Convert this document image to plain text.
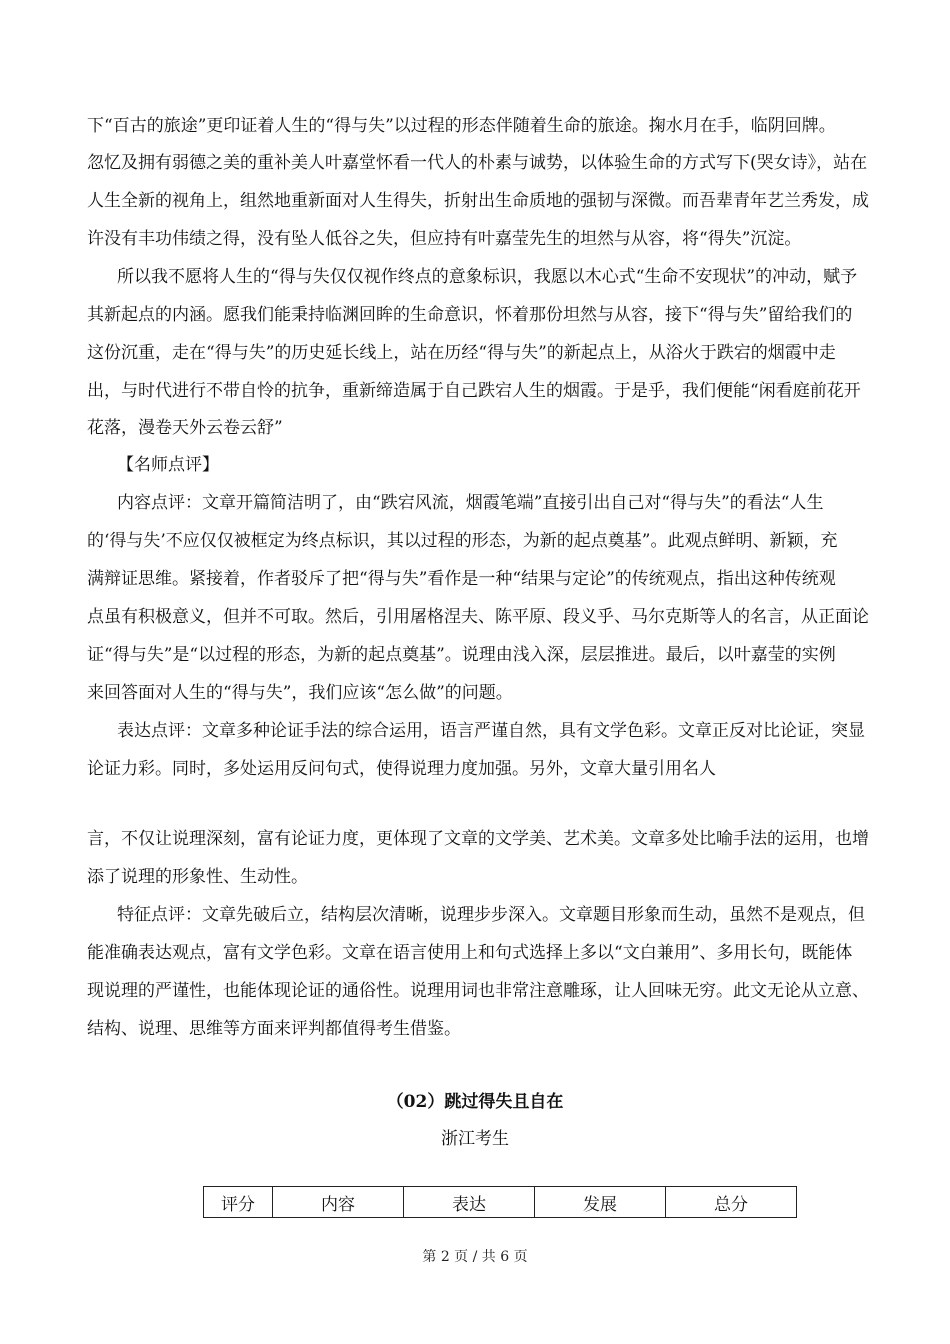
下“百古的旅途”更印证着人生的“得与失”以过程的形态伴随着生命的旅途。掬水月在手，临阴回牌。
忽忆及拥有弱德之美的重补美人叶嘉堂怀看一代人的朴素与诚势，以体验生命的方式写下(哭女诗》，站在
人生全新的视角上，组然地重新面对人生得失，折射出生命质地的强韧与深微。而吾辈青年艺兰秀发，成
许没有丰功伟绩之得，没有坠人低谷之失，但应持有叶嘉莹先生的坦然与从容，将“得失”沉淀。
所以我不愿将人生的“得与失仅仅视作终点的意象标识，我愿以木心式“生命不安现状”的冲动，赋予
其新起点的内涵。愿我们能秉持临渊回眸的生命意识，怀着那份坦然与从容，接下“得与失”留给我们的
这份沉重，走在“得与失”的历史延长线上，站在历经“得与失”的新起点上，从浴火于跌宕的烟霞中走
出，与时代进行不带自怜的抗争，重新缔造属于自己跌宕人生的烟霞。于是乎，我们便能“闲看庭前花开
花落，漫卷天外云卷云舒”
【名师点评】
内容点评：文章开篇简洁明了，由“跌宕风流，烟霞笔端”直接引出自己对“得与失”的看法“人生
的‘得与失’不应仅仅被框定为终点标识，其以过程的形态，为新的起点奠基”。此观点鲜明、新颖，充
满辩证思维。紧接着，作者驳斥了把“得与失”看作是一种“结果与定论”的传统观点，指出这种传统观
点虽有积极意义，但并不可取。然后，引用屠格涅夫、陈平原、段义乎、马尔克斯等人的名言，从正面论
证“得与失”是“以过程的形态，为新的起点奠基”。说理由浅入深，层层推进。最后，以叶嘉莹的实例
来回答面对人生的“得与失”，我们应该“怎么做”的问题。
表达点评：文章多种论证手法的综合运用，语言严谨自然，具有文学色彩。文章正反对比论证，突显
论证力彩。同时，多处运用反问句式，使得说理力度加强。另外，文章大量引用名人
言，不仅让说理深刻，富有论证力度，更体现了文章的文学美、艺术美。文章多处比喻手法的运用，也增
添了说理的形象性、生动性。
特征点评：文章先破后立，结构层次清晰，说理步步深入。文章题目形象而生动，虽然不是观点，但
能准确表达观点，富有文学色彩。文章在语言使用上和句式选择上多以“文白兼用”、多用长句，既能体
现说理的严谨性，也能体现论证的通俗性。说理用词也非常注意雕琢，让人回味无穷。此文无论从立意、
结构、说理、思维等方面来评判都值得考生借鉴。
（02）跳过得失且自在
浙江考生
评分	内容	表达	发展	总分
第 2 页 / 共 6 页
